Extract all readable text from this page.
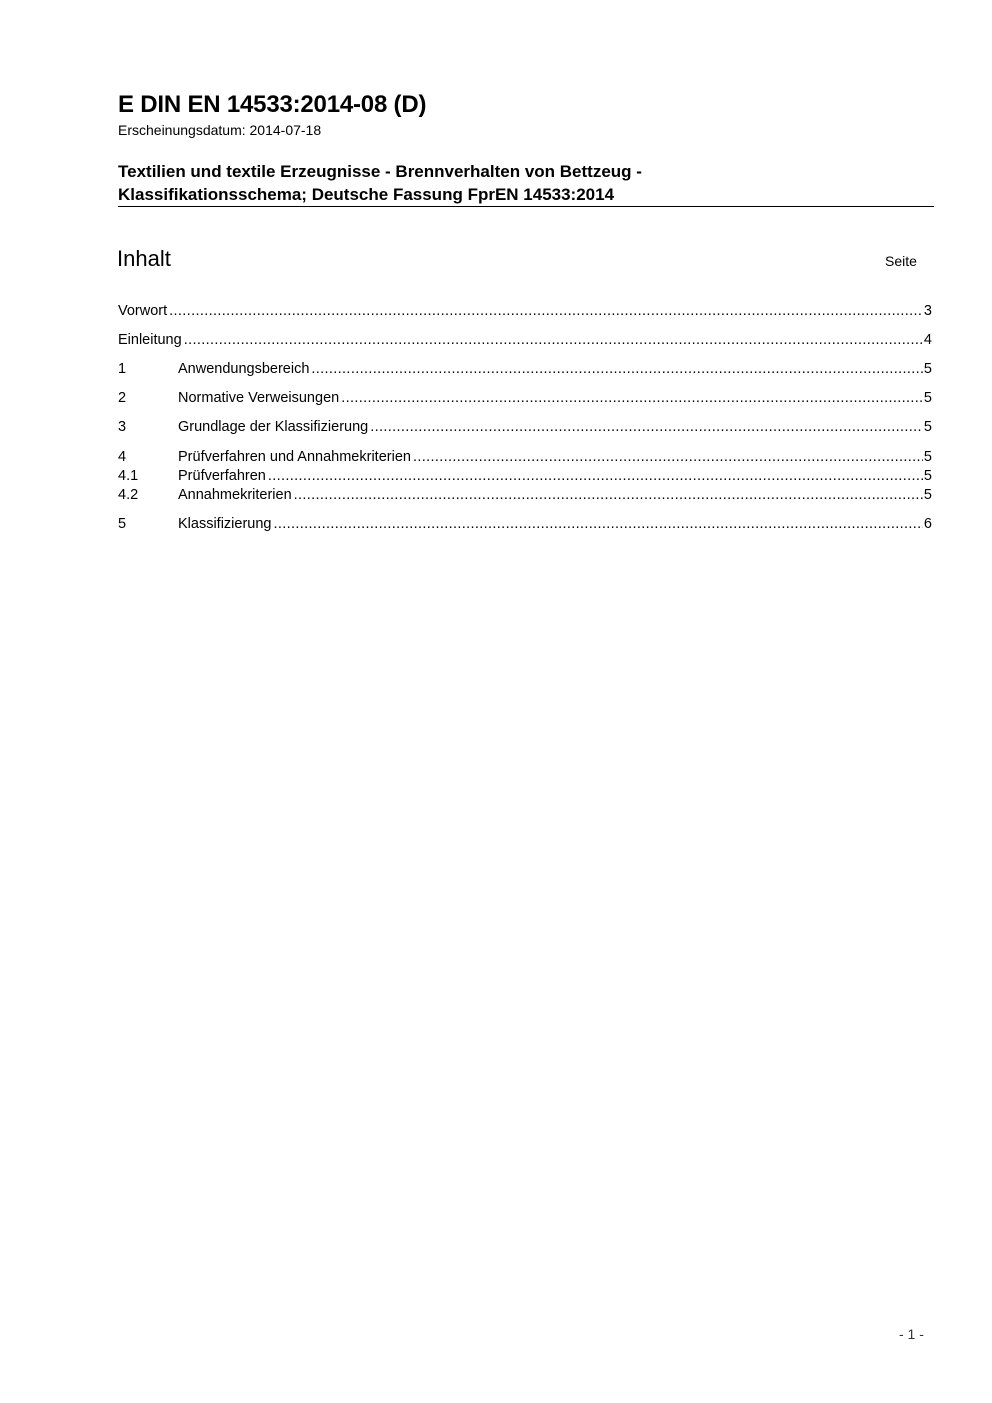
E DIN EN 14533:2014-08 (D)
Erscheinungsdatum: 2014-07-18
Textilien und textile Erzeugnisse - Brennverhalten von Bettzeug -
Klassifikationsschema; Deutsche Fassung FprEN 14533:2014
Inhalt	Seite
Vorwort .....	3
Einleitung .....	4
1	Anwendungsbereich .....	5
2	Normative Verweisungen .....	5
3	Grundlage der Klassifizierung .....	5
4	Prüfverfahren und Annahmekriterien .....	5
4.1	Prüfverfahren .....	5
4.2	Annahmekriterien .....	5
5	Klassifizierung .....	6
- 1 -
